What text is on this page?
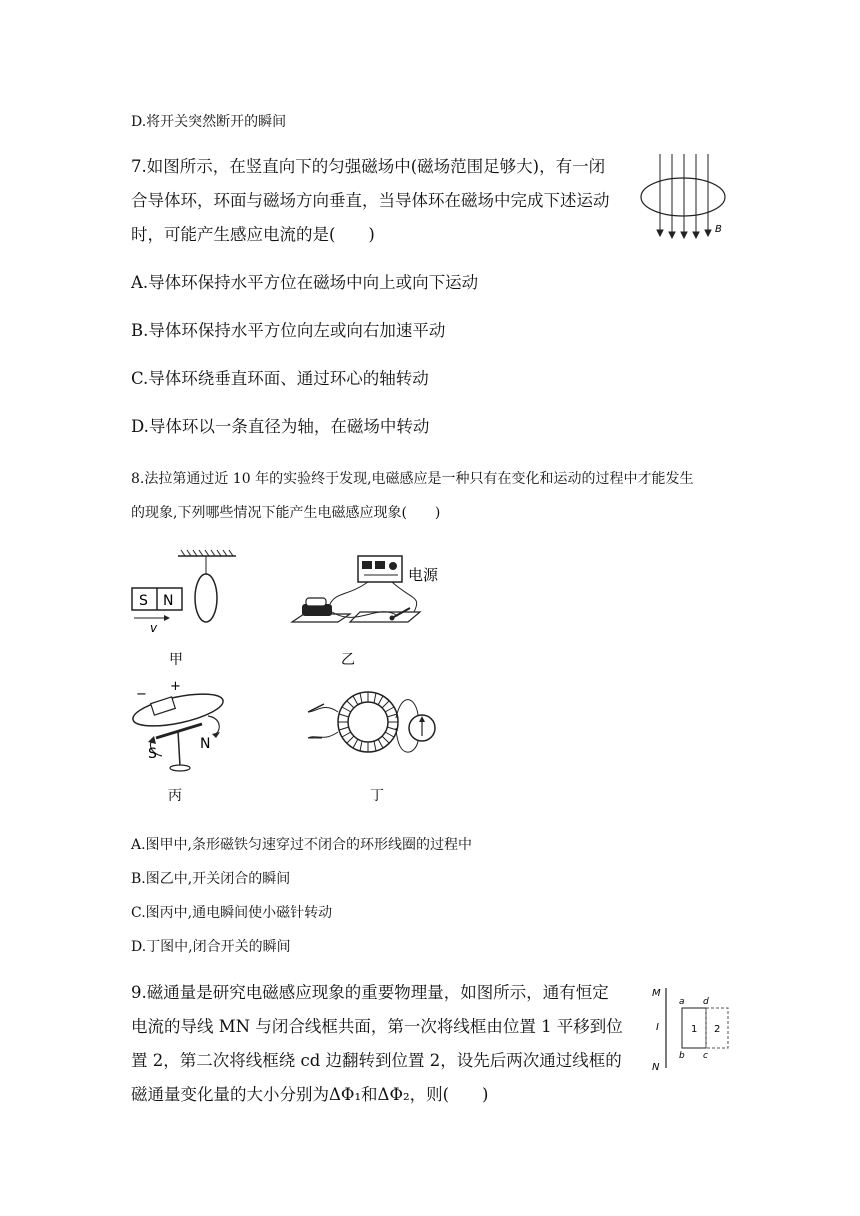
D.将开关突然断开的瞬间
7.如图所示，在竖直向下的匀强磁场中(磁场范围足够大)，有一闭
合导体环，环面与磁场方向垂直，当导体环在磁场中完成下述运动
时，可能产生感应电流的是(　　)	B
A.导体环保持水平方位在磁场中向上或向下运动
B.导体环保持水平方位向左或向右加速平动
C.导体环绕垂直环面、通过环心的轴转动
D.导体环以一条直径为轴，在磁场中转动
8.法拉第通过近 10 年的实验终于发现,电磁感应是一种只有在变化和运动的过程中才能发生
的现象,下列哪些情况下能产生电磁感应现象(　　)
S N
v
甲
电源
乙
−
+
S
N
丙	丁
A.图甲中,条形磁铁匀速穿过不闭合的环形线圈的过程中
B.图乙中,开关闭合的瞬间
C.图丙中,通电瞬间使小磁针转动
D.丁图中,闭合开关的瞬间
9.磁通量是研究电磁感应现象的重要物理量，如图所示，通有恒定
电流的导线 MN 与闭合线框共面，第一次将线框由位置 1 平移到位
置 2，第二次将线框绕 cd 边翻转到位置 2，设先后两次通过线框的
磁通量变化量的大小分别为ΔΦ₁和ΔΦ₂，则(　　)
M
N
I
a d
b c
1 2
